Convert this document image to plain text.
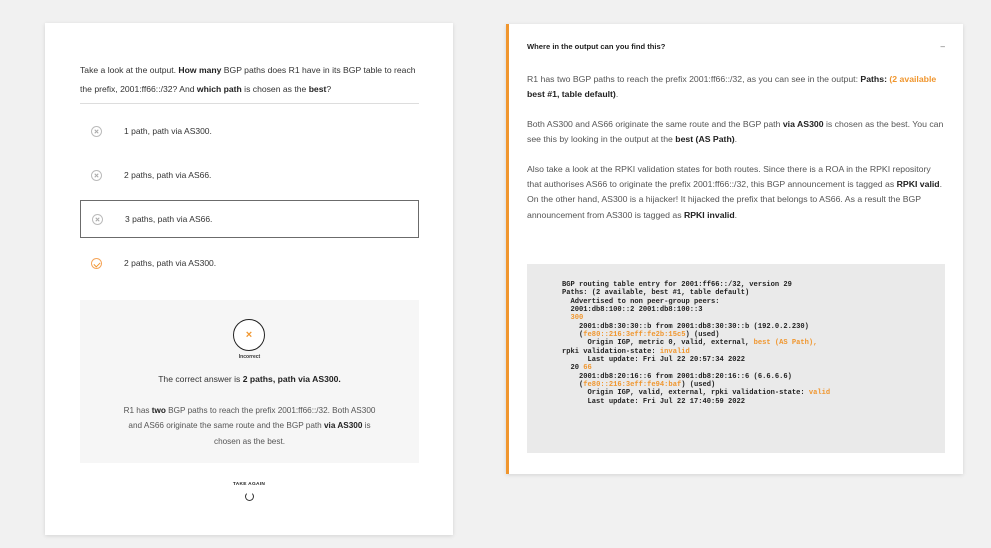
Take a look at the output. How many BGP paths does R1 have in its BGP table to reach the prefix, 2001:ff66::/32? And which path is chosen as the best?

1 path, path via AS300.
2 paths, path via AS66.
3 paths, path via AS66.
2 paths, path via AS300.
×
Incorrect

The correct answer is 2 paths, path via AS300.

R1 has two BGP paths to reach the prefix 2001:ff66::/32. Both AS300 and AS66 originate the same route and the BGP path via AS300 is chosen as the best.

TAKE AGAIN
Where in the output can you find this?	–

R1 has two BGP paths to reach the prefix 2001:ff66::/32, as you can see in the output: Paths: (2 available best #1, table default).

Both AS300 and AS66 originate the same route and the BGP path via AS300 is chosen as the best. You can see this by looking in the output at the best (AS Path).

Also take a look at the RPKI validation states for both routes. Since there is a ROA in the RPKI repository that authorises AS66 to originate the prefix 2001:ff66::/32, this BGP announcement is tagged as RPKI valid. On the other hand, AS300 is a hijacker! It hijacked the prefix that belongs to AS66. As a result the BGP announcement from AS300 is tagged as RPKI invalid.

BGP routing table entry for 2001:ff66::/32, version 29
Paths: (2 available, best #1, table default)
Advertised to non peer-group peers:
2001:db8:100::2 2001:db8:100::3
300
2001:db8:30:30::b from 2001:db8:30:30::b (192.0.2.230)
(fe80::216:3eff:fe2b:15c5) (used)
Origin IGP, metric 0, valid, external, best (AS Path),
rpki validation-state: invalid
Last update: Fri Jul 22 20:57:34 2022
20 66
2001:db8:20:16::6 from 2001:db8:20:16::6 (6.6.6.6)
(fe80::216:3eff:fe94:baf) (used)
Origin IGP, valid, external, rpki validation-state: valid
Last update: Fri Jul 22 17:40:59 2022
